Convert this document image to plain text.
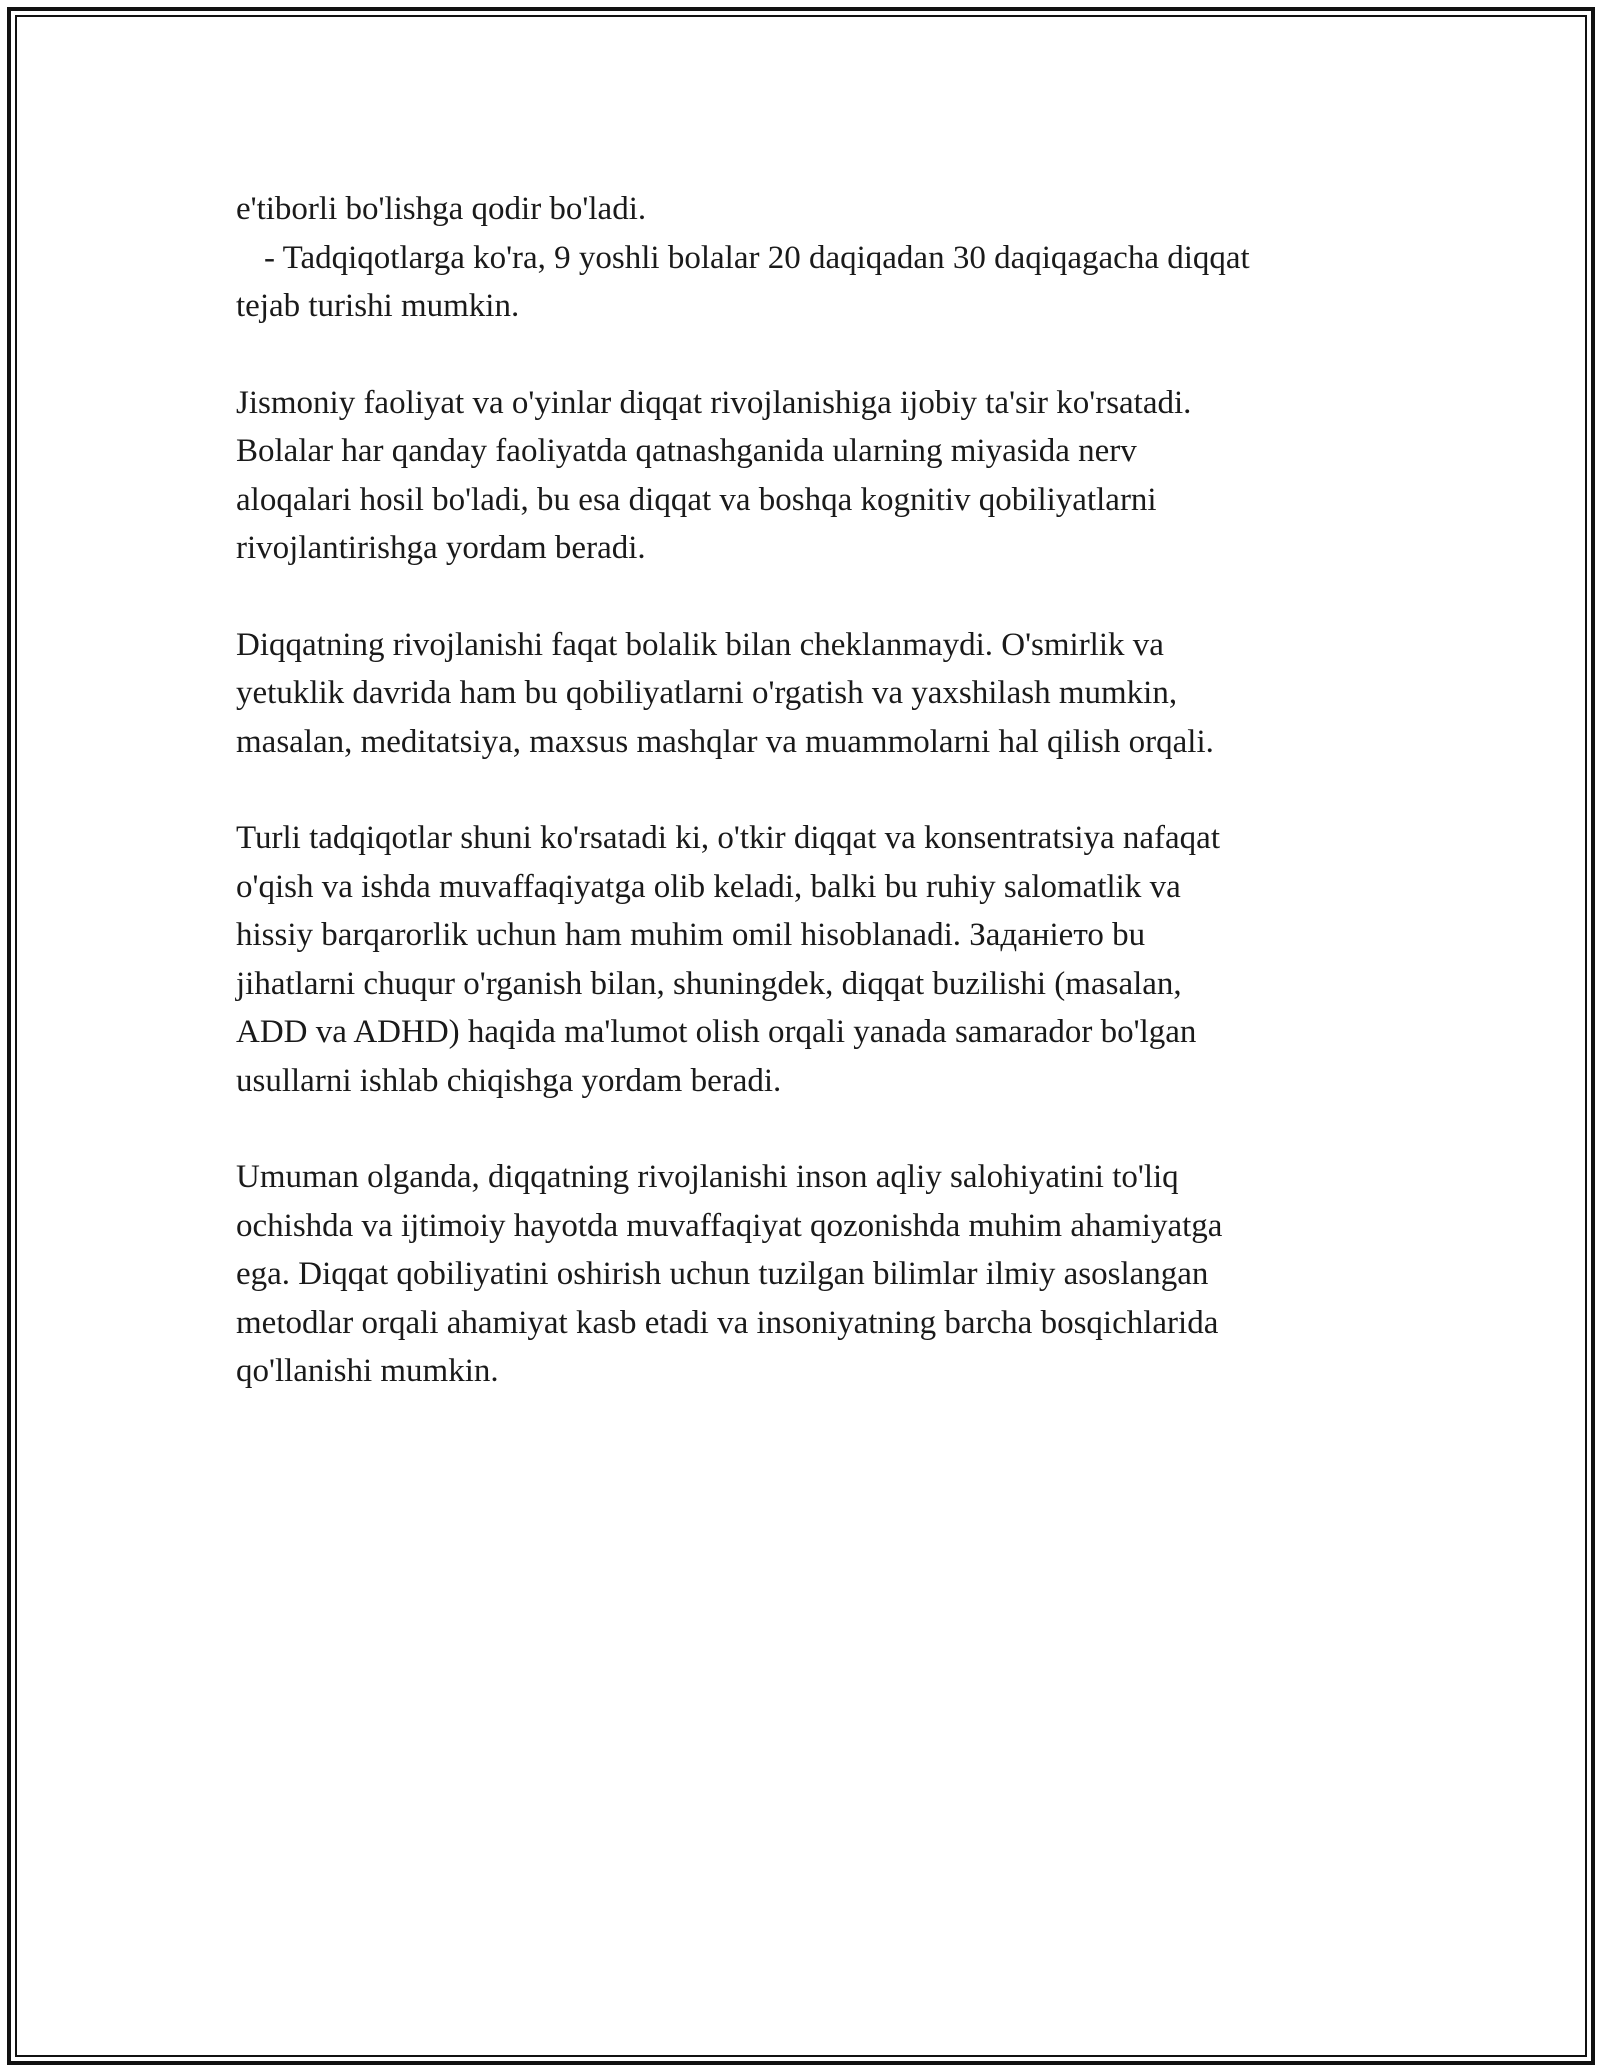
e'tiborli bo'lishga qodir bo'ladi.
- Tadqiqotlarga ko'ra, 9 yoshli bolalar 20 daqiqadan 30 daqiqagacha diqqat
tejab turishi mumkin.

Jismoniy faoliyat va o'yinlar diqqat rivojlanishiga ijobiy ta'sir ko'rsatadi.
Bolalar har qanday faoliyatda qatnashganida ularning miyasida nerv
aloqalari hosil bo'ladi, bu esa diqqat va boshqa kognitiv qobiliyatlarni
rivojlantirishga yordam beradi.

Diqqatning rivojlanishi faqat bolalik bilan cheklanmaydi. O'smirlik va
yetuklik davrida ham bu qobiliyatlarni o'rgatish va yaxshilash mumkin,
masalan, meditatsiya, maxsus mashqlar va muammolarni hal qilish orqali.

Turli tadqiqotlar shuni ko'rsatadi ki, o'tkir diqqat va konsentratsiya nafaqat
o'qish va ishda muvaffaqiyatga olib keladi, balki bu ruhiy salomatlik va
hissiy barqarorlik uchun ham muhim omil hisoblanadi. Заданieто bu
jihatlarni chuqur o'rganish bilan, shuningdek, diqqat buzilishi (masalan,
ADD va ADHD) haqida ma'lumot olish orqali yanada samarador bo'lgan
usullarni ishlab chiqishga yordam beradi.

Umuman olganda, diqqatning rivojlanishi inson aqliy salohiyatini to'liq
ochishda va ijtimoiy hayotda muvaffaqiyat qozonishda muhim ahamiyatga
ega. Diqqat qobiliyatini oshirish uchun tuzilgan bilimlar ilmiy asoslangan
metodlar orqali ahamiyat kasb etadi va insoniyatning barcha bosqichlarida
qo'llanishi mumkin.
